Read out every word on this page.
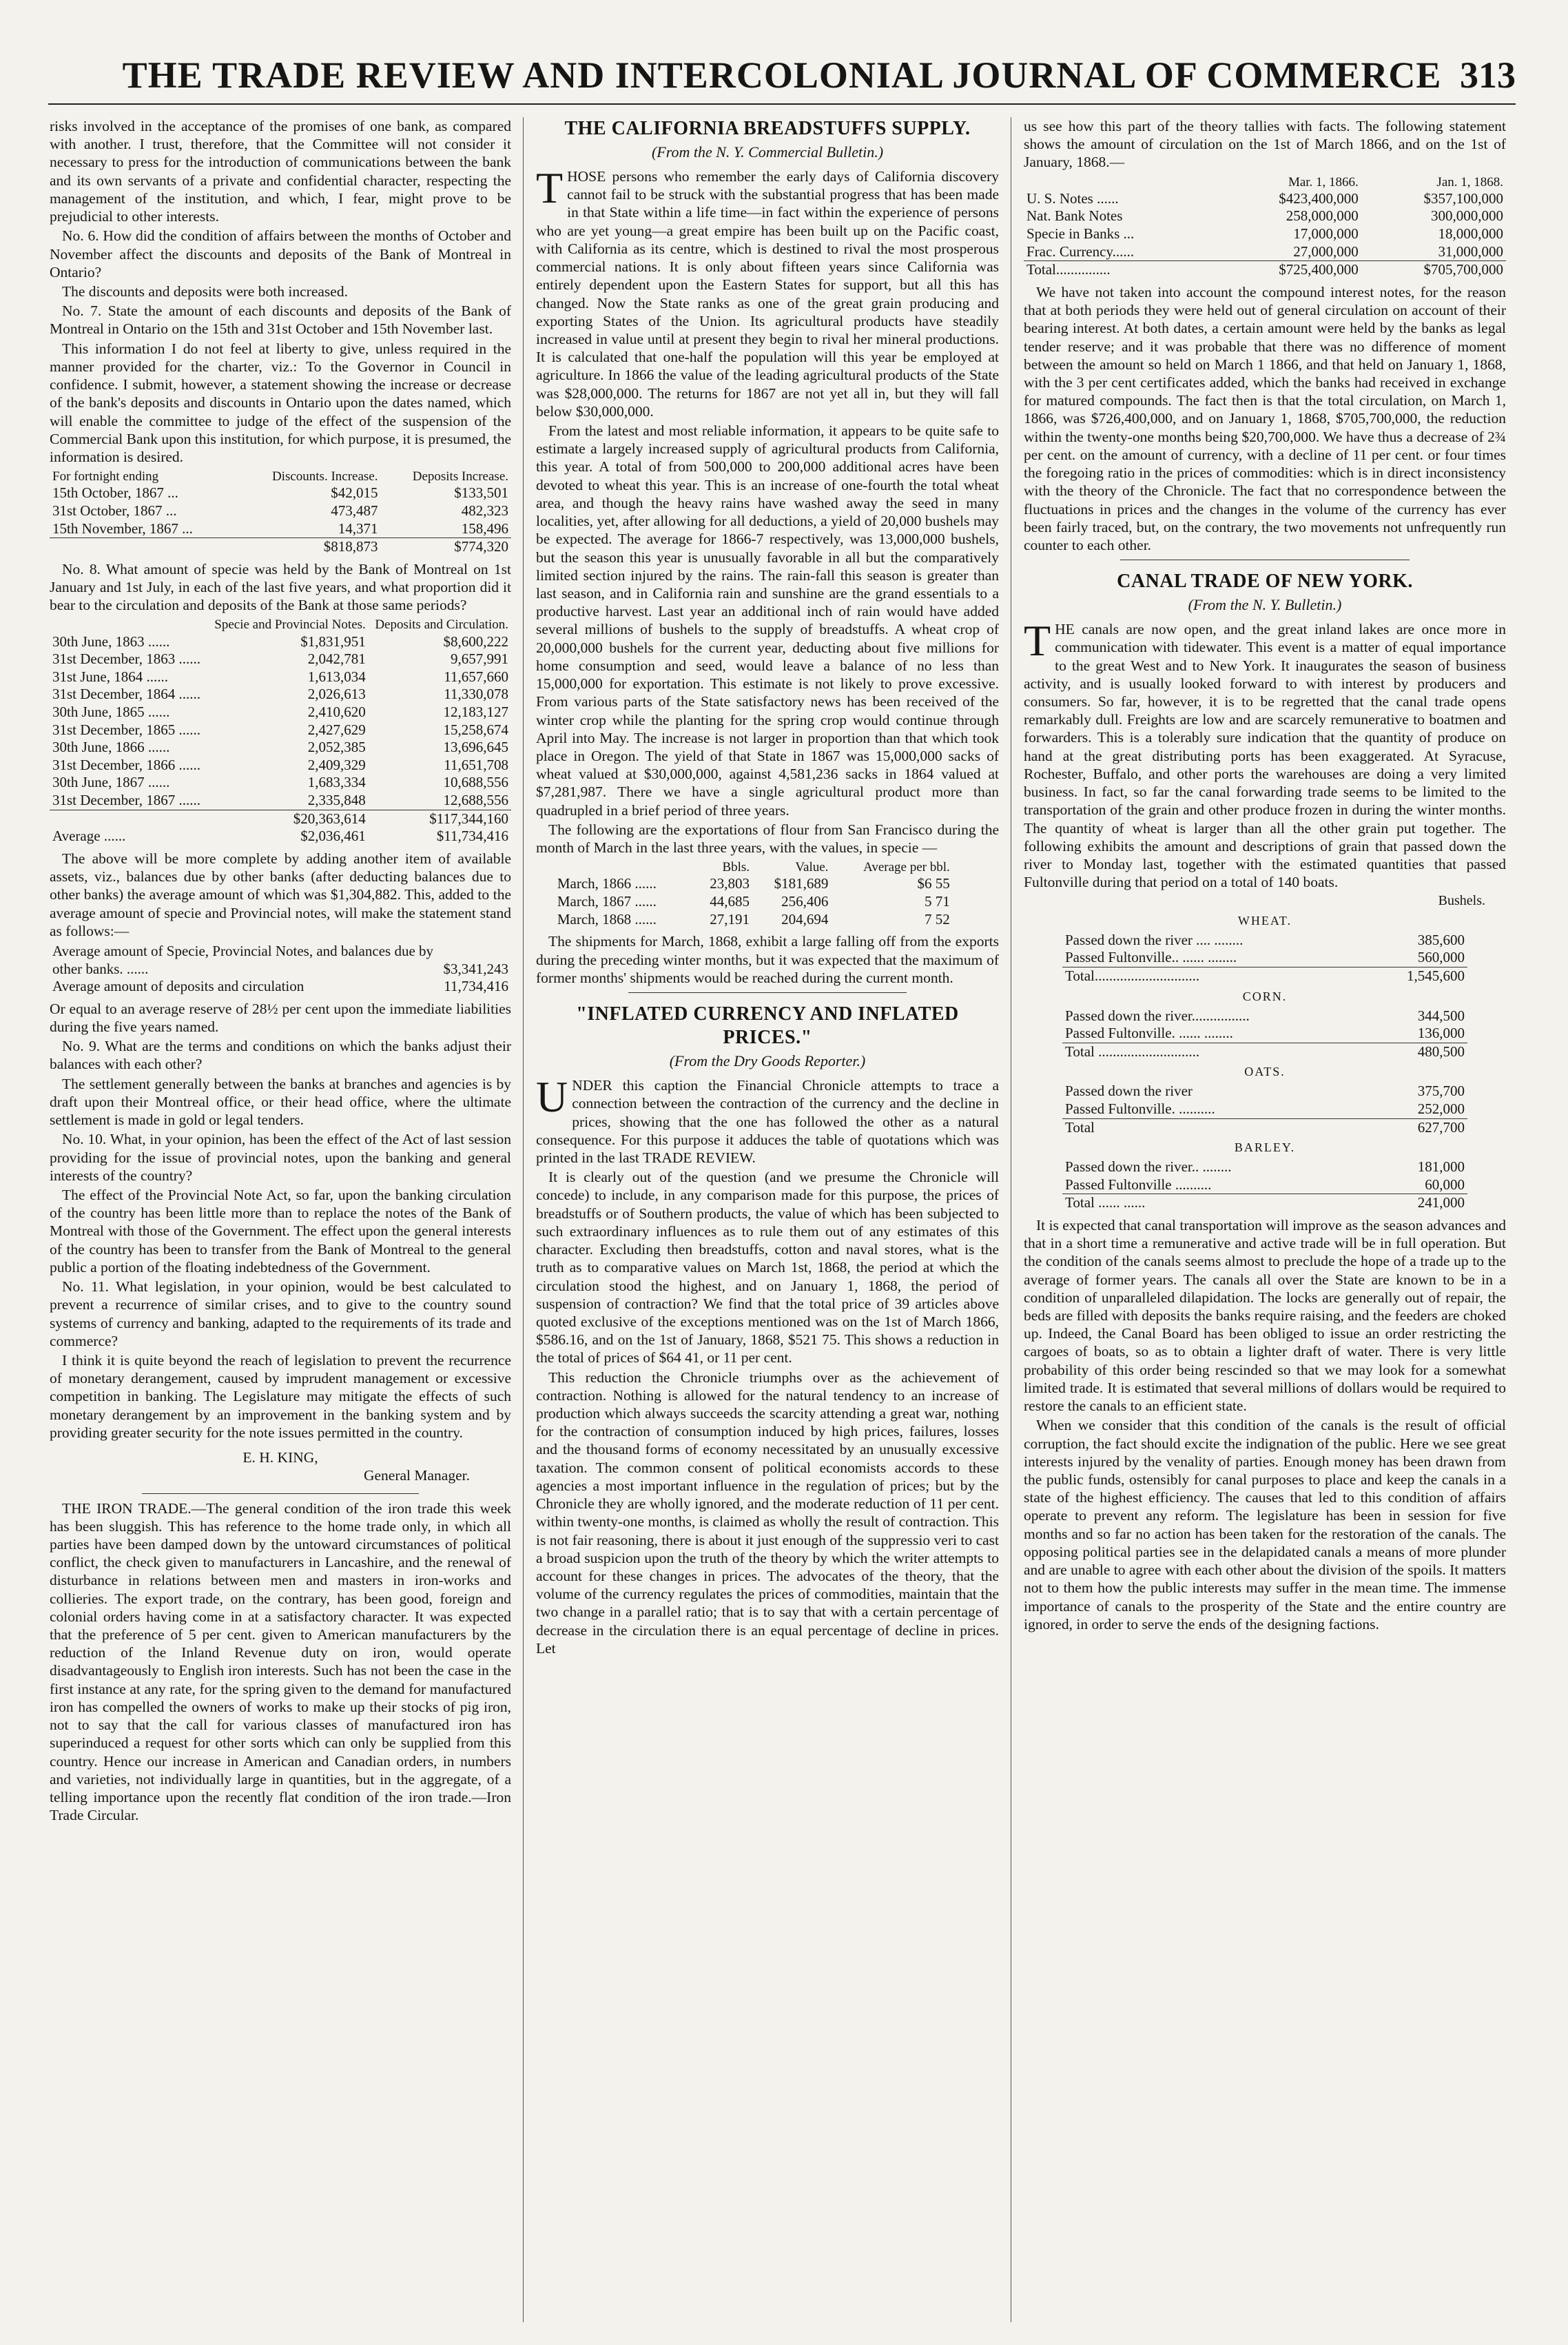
THE TRADE REVIEW AND INTERCOLONIAL JOURNAL OF COMMERCE 313

risks involved in the acceptance of the promises of one bank, as compared with another. I trust, therefore, that the Committee will not consider it necessary to press for the introduction of communications between the bank and its own servants of a private and confidential character, respecting the management of the institution, and which, I fear, might prove to be prejudicial to other interests.

No. 6. How did the condition of affairs between the months of October and November affect the discounts and deposits of the Bank of Montreal in Ontario?

The discounts and deposits were both increased.

No. 7. State the amount of each discounts and deposits of the Bank of Montreal in Ontario on the 15th and 31st October and 15th November last.

This information I do not feel at liberty to give, unless required in the manner provided for the charter, viz.: To the Governor in Council in confidence. I submit, however, a statement showing the increase or decrease of the bank's deposits and discounts in Ontario upon the dates named, which will enable the committee to judge of the effect of the suspension of the Commercial Bank upon this institution, for which purpose, it is presumed, the information is desired.

For fortnight ending	Discounts. Increase.	Deposits Increase.
15th October, 1867 ...	$42,015	$133,501
31st October, 1867 ...	473,487	482,323
15th November, 1867 ...	14,371	158,496
	$818,873	$774,320

No. 8. What amount of specie was held by the Bank of Montreal on 1st January and 1st July, in each of the last five years, and what proportion did it bear to the circulation and deposits of the Bank at those same periods?

	Specie and Provincial Notes.	Deposits and Circulation.
30th June, 1863 ......	$1,831,951	$8,600,222
31st December, 1863 ......	2,042,781	9,657,991
31st June, 1864 ......	1,613,034	11,657,660
31st December, 1864 ......	2,026,613	11,330,078
30th June, 1865 ......	2,410,620	12,183,127
31st December, 1865 ......	2,427,629	15,258,674
30th June, 1866 ......	2,052,385	13,696,645
31st December, 1866 ......	2,409,329	11,651,708
30th June, 1867 ......	1,683,334	10,688,556
31st December, 1867 ......	2,335,848	12,688,556
	$20,363,614	$117,344,160
Average ......	$2,036,461	$11,734,416

The above will be more complete by adding another item of available assets, viz., balances due by other banks (after deducting balances due to other banks) the average amount of which was $1,304,882. This, added to the average amount of specie and Provincial notes, will make the statement stand as follows:—

Average amount of Specie, Provincial Notes, and balances due by other banks. ......	$3,341,243
Average amount of deposits and circulation	11,734,416

Or equal to an average reserve of 28½ per cent upon the immediate liabilities during the five years named.

No. 9. What are the terms and conditions on which the banks adjust their balances with each other?

The settlement generally between the banks at branches and agencies is by draft upon their Montreal office, or their head office, where the ultimate settlement is made in gold or legal tenders.

No. 10. What, in your opinion, has been the effect of the Act of last session providing for the issue of provincial notes, upon the banking and general interests of the country?

The effect of the Provincial Note Act, so far, upon the banking circulation of the country has been little more than to replace the notes of the Bank of Montreal with those of the Government. The effect upon the general interests of the country has been to transfer from the Bank of Montreal to the general public a portion of the floating indebtedness of the Government.

No. 11. What legislation, in your opinion, would be best calculated to prevent a recurrence of similar crises, and to give to the country sound systems of currency and banking, adapted to the requirements of its trade and commerce?

I think it is quite beyond the reach of legislation to prevent the recurrence of monetary derangement, caused by imprudent management or excessive competition in banking. The Legislature may mitigate the effects of such monetary derangement by an improvement in the banking system and by providing greater security for the note issues permitted in the country.

E. H. KING,
General Manager.

THE IRON TRADE.—The general condition of the iron trade this week has been sluggish. This has reference to the home trade only, in which all parties have been damped down by the untoward circumstances of political conflict, the check given to manufacturers in Lancashire, and the renewal of disturbance in relations between men and masters in iron-works and collieries. The export trade, on the contrary, has been good, foreign and colonial orders having come in at a satisfactory character. It was expected that the preference of 5 per cent. given to American manufacturers by the reduction of the Inland Revenue duty on iron, would operate disadvantageously to English iron interests. Such has not been the case in the first instance at any rate, for the spring given to the demand for manufactured iron has compelled the owners of works to make up their stocks of pig iron, not to say that the call for various classes of manufactured iron has superinduced a request for other sorts which can only be supplied from this country. Hence our increase in American and Canadian orders, in numbers and varieties, not individually large in quantities, but in the aggregate, of a telling importance upon the recently flat condition of the iron trade.—Iron Trade Circular.

THE CALIFORNIA BREADSTUFFS SUPPLY.
(From the N. Y. Commercial Bulletin.)

THOSE persons who remember the early days of California discovery cannot fail to be struck with the substantial progress that has been made in that State within a life time—in fact within the experience of persons who are yet young—a great empire has been built up on the Pacific coast, with California as its centre, which is destined to rival the most prosperous commercial nations. It is only about fifteen years since California was entirely dependent upon the Eastern States for support, but all this has changed. Now the State ranks as one of the great grain producing and exporting States of the Union. Its agricultural products have steadily increased in value until at present they begin to rival her mineral productions. It is calculated that one-half the population will this year be employed at agriculture. In 1866 the value of the leading agricultural products of the State was $28,000,000. The returns for 1867 are not yet all in, but they will fall below $30,000,000.

From the latest and most reliable information, it appears to be quite safe to estimate a largely increased supply of agricultural products from California, this year. A total of from 500,000 to 200,000 additional acres have been devoted to wheat this year. This is an increase of one-fourth the total wheat area, and though the heavy rains have washed away the seed in many localities, yet, after allowing for all deductions, a yield of 20,000 bushels may be expected. The average for 1866-7 respectively, was 13,000,000 bushels, but the season this year is unusually favorable in all but the comparatively limited section injured by the rains. The rain-fall this season is greater than last season, and in California rain and sunshine are the grand essentials to a productive harvest. Last year an additional inch of rain would have added several millions of bushels to the supply of breadstuffs. A wheat crop of 20,000,000 bushels for the current year, deducting about five millions for home consumption and seed, would leave a balance of no less than 15,000,000 for exportation. This estimate is not likely to prove excessive. From various parts of the State satisfactory news has been received of the winter crop while the planting for the spring crop would continue through April into May. The increase is not larger in proportion than that which took place in Oregon. The yield of that State in 1867 was 15,000,000 sacks of wheat valued at $30,000,000, against 4,581,236 sacks in 1864 valued at $7,281,987. There we have a single agricultural product more than quadrupled in a brief period of three years.

The following are the exportations of flour from San Francisco during the month of March in the last three years, with the values, in specie —

	Bbls.	Value.	Average per bbl.
March, 1866 ......	23,803	$181,689	$6 55
March, 1867 ......	44,685	256,406	5 71
March, 1868 ......	27,191	204,694	7 52

The shipments for March, 1868, exhibit a large falling off from the exports during the preceding winter months, but it was expected that the maximum of former months' shipments would be reached during the current month.

"INFLATED CURRENCY AND INFLATED PRICES."
(From the Dry Goods Reporter.)

UNDER this caption the Financial Chronicle attempts to trace a connection between the contraction of the currency and the decline in prices, showing that the one has followed the other as a natural consequence. For this purpose it adduces the table of quotations which was printed in the last TRADE REVIEW.

It is clearly out of the question (and we presume the Chronicle will concede) to include, in any comparison made for this purpose, the prices of breadstuffs or of Southern products, the value of which has been subjected to such extraordinary influences as to rule them out of any estimates of this character. Excluding then breadstuffs, cotton and naval stores, what is the truth as to comparative values on March 1st, 1868, the period at which the circulation stood the highest, and on January 1, 1868, the period of suspension of contraction? We find that the total price of 39 articles above quoted exclusive of the exceptions mentioned was on the 1st of March 1866, $586.16, and on the 1st of January, 1868, $521 75. This shows a reduction in the total of prices of $64 41, or 11 per cent.

This reduction the Chronicle triumphs over as the achievement of contraction. Nothing is allowed for the natural tendency to an increase of production which always succeeds the scarcity attending a great war, nothing for the contraction of consumption induced by high prices, failures, losses and the thousand forms of economy necessitated by an unusually excessive taxation. The common consent of political economists accords to these agencies a most important influence in the regulation of prices; but by the Chronicle they are wholly ignored, and the moderate reduction of 11 per cent. within twenty-one months, is claimed as wholly the result of contraction. This is not fair reasoning, there is about it just enough of the suppressio veri to cast a broad suspicion upon the truth of the theory by which the writer attempts to account for these changes in prices. The advocates of the theory, that the volume of the currency regulates the prices of commodities, maintain that the two change in a parallel ratio; that is to say that with a certain percentage of decrease in the circulation there is an equal percentage of decline in prices. Let

us see how this part of the theory tallies with facts. The following statement shows the amount of circulation on the 1st of March 1866, and on the 1st of January, 1868.—

	Mar. 1, 1866.	Jan. 1, 1868.
U. S. Notes ......	$423,400,000	$357,100,000
Nat. Bank Notes	258,000,000	300,000,000
Specie in Banks ...	17,000,000	18,000,000
Frac. Currency......	27,000,000	31,000,000
Total...............	$725,400,000	$705,700,000

We have not taken into account the compound interest notes, for the reason that at both periods they were held out of general circulation on account of their bearing interest. At both dates, a certain amount were held by the banks as legal tender reserve; and it was probable that there was no difference of moment between the amount so held on March 1 1866, and that held on January 1, 1868, with the 3 per cent certificates added, which the banks had received in exchange for matured compounds. The fact then is that the total circulation, on March 1, 1866, was $726,400,000, and on January 1, 1868, $705,700,000, the reduction within the twenty-one months being $20,700,000. We have thus a decrease of 2¾ per cent. on the amount of currency, with a decline of 11 per cent. or four times the foregoing ratio in the prices of commodities: which is in direct inconsistency with the theory of the Chronicle. The fact that no correspondence between the fluctuations in prices and the changes in the volume of the currency has ever been fairly traced, but, on the contrary, the two movements not unfrequently run counter to each other.

CANAL TRADE OF NEW YORK.
(From the N. Y. Bulletin.)

THE canals are now open, and the great inland lakes are once more in communication with tidewater. This event is a matter of equal importance to the great West and to New York. It inaugurates the season of business activity, and is usually looked forward to with interest by producers and consumers. So far, however, it is to be regretted that the canal trade opens remarkably dull. Freights are low and are scarcely remunerative to boatmen and forwarders. This is a tolerably sure indication that the quantity of produce on hand at the great distributing ports has been exaggerated. At Syracuse, Rochester, Buffalo, and other ports the warehouses are doing a very limited business. In fact, so far the canal forwarding trade seems to be limited to the transportation of the grain and other produce frozen in during the winter months. The quantity of wheat is larger than all the other grain put together. The following exhibits the amount and descriptions of grain that passed down the river to Monday last, together with the estimated quantities that passed Fultonville during that period on a total of 140 boats.

Bushels.
WHEAT.
Passed down the river .... ........	385,600
Passed Fultonville.. ...... ........	560,000
Total.............................	1,545,600
CORN.
Passed down the river................	344,500
Passed Fultonville. ...... ........	136,000
Total ............................	480,500
OATS.
Passed down the river	375,700
Passed Fultonville. ..........	252,000
Total	627,700
BARLEY.
Passed down the river.. ........	181,000
Passed Fultonville ..........	60,000
Total ...... ......	241,000

It is expected that canal transportation will improve as the season advances and that in a short time a remunerative and active trade will be in full operation. But the condition of the canals seems almost to preclude the hope of a trade up to the average of former years. The canals all over the State are known to be in a condition of unparalleled dilapidation. The locks are generally out of repair, the beds are filled with deposits the banks require raising, and the feeders are choked up. Indeed, the Canal Board has been obliged to issue an order restricting the cargoes of boats, so as to obtain a lighter draft of water. There is very little probability of this order being rescinded so that we may look for a somewhat limited trade. It is estimated that several millions of dollars would be required to restore the canals to an efficient state.

When we consider that this condition of the canals is the result of official corruption, the fact should excite the indignation of the public. Here we see great interests injured by the venality of parties. Enough money has been drawn from the public funds, ostensibly for canal purposes to place and keep the canals in a state of the highest efficiency. The causes that led to this condition of affairs operate to prevent any reform. The legislature has been in session for five months and so far no action has been taken for the restoration of the canals. The opposing political parties see in the delapidated canals a means of more plunder and are unable to agree with each other about the division of the spoils. It matters not to them how the public interests may suffer in the mean time. The immense importance of canals to the prosperity of the State and the entire country are ignored, in order to serve the ends of the designing factions.
